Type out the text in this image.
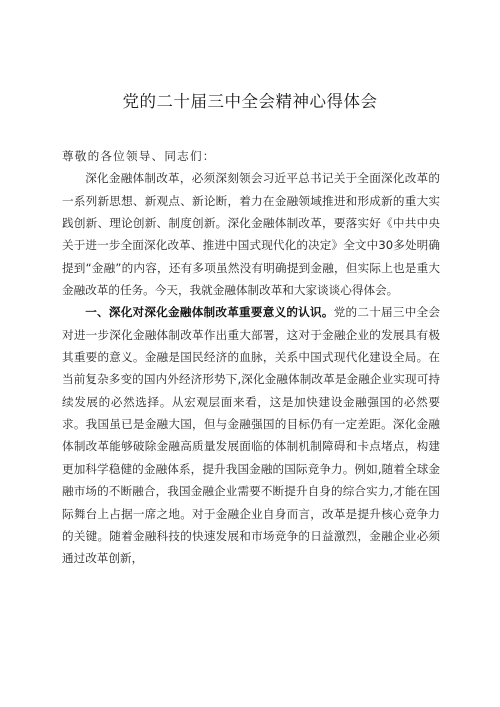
党的二十届三中全会精神心得体会

尊敬的各位领导、同志们：

深化金融体制改革，必须深刻领会习近平总书记关于全面深化改革的一系列新思想、新观点、新论断，着力在金融领域推进和形成新的重大实践创新、理论创新、制度创新。深化金融体制改革，要落实好《中共中央关于进一步全面深化改革、推进中国式现代化的决定》全文中30多处明确提到“金融”的内容，还有多项虽然没有明确提到金融，但实际上也是重大金融改革的任务。今天，我就金融体制改革和大家谈谈心得体会。

一、深化对深化金融体制改革重要意义的认识。党的二十届三中全会对进一步深化金融体制改革作出重大部署，这对于金融企业的发展具有极其重要的意义。金融是国民经济的血脉，关系中国式现代化建设全局。在当前复杂多变的国内外经济形势下,深化金融体制改革是金融企业实现可持续发展的必然选择。从宏观层面来看，这是加快建设金融强国的必然要求。我国虽已是金融大国，但与金融强国的目标仍有一定差距。深化金融体制改革能够破除金融高质量发展面临的体制机制障碍和卡点堵点，构建更加科学稳健的金融体系，提升我国金融的国际竞争力。例如,随着全球金融市场的不断融合，我国金融企业需要不断提升自身的综合实力,才能在国际舞台上占据一席之地。对于金融企业自身而言，改革是提升核心竞争力的关键。随着金融科技的快速发展和市场竞争的日益激烈，金融企业必须通过改革创新，
